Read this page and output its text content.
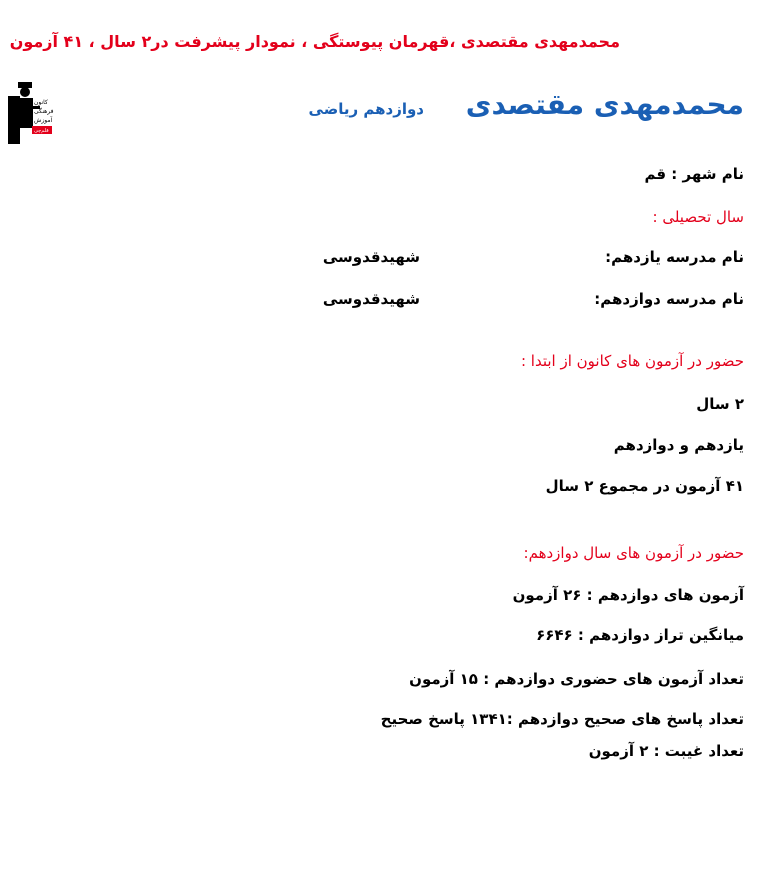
محمدمهدی مقتصدی ،قهرمان پیوستگی ، نمودار پیشرفت در۲ سال ، ۴۱ آزمون
کانون
فرهنگی
آموزش
قلم‌چی
دوازدهم ریاضی محمدمهدی مقتصدی
نام شهر : قم
سال تحصیلی :
نام مدرسه یازدهم:
شهیدقدوسی
نام مدرسه دوازدهم:
شهیدقدوسی
حضور در آزمون های کانون از ابتدا :
۲ سال
یازدهم و دوازدهم
۴۱ آزمون در مجموع ۲ سال
حضور در آزمون های سال دوازدهم:
آزمون های دوازدهم : ۲۶ آزمون
میانگین تراز دوازدهم : ۶۶۴۶
تعداد آزمون های حضوری دوازدهم : ۱۵ آزمون
تعداد پاسخ های صحیح دوازدهم :۱۳۴۱ پاسخ صحیح
تعداد غیبت : ۲ آزمون
